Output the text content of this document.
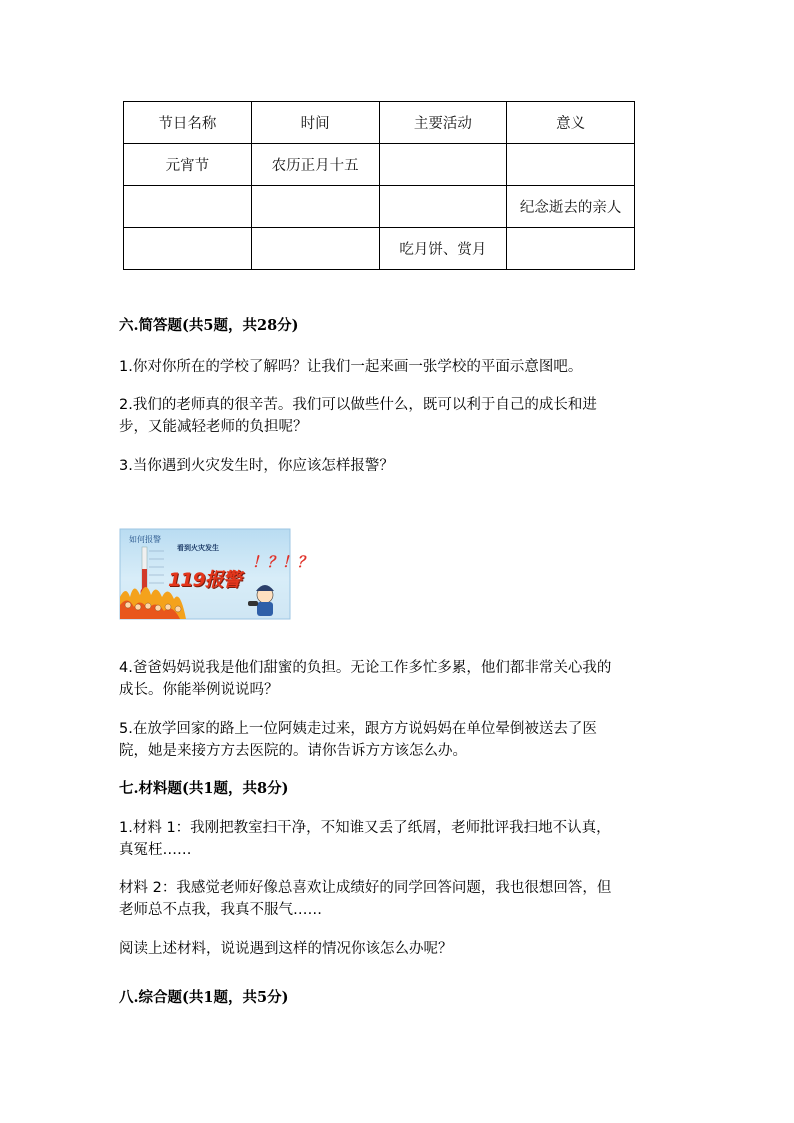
节日名称	时间	主要活动	意义
元宵节	农历正月十五		
			纪念逝去的亲人
		吃月饼、赏月	
六.简答题(共5题，共28分)
1.你对你所在的学校了解吗？让我们一起来画一张学校的平面示意图吧。
2.我们的老师真的很辛苦。我们可以做些什么，既可以利于自己的成长和进
步，又能减轻老师的负担呢？
3.当你遇到火灾发生时，你应该怎样报警？
如何报警
看到火灾发生
119报警
！？！？
4.爸爸妈妈说我是他们甜蜜的负担。无论工作多忙多累，他们都非常关心我的
成长。你能举例说说吗？
5.在放学回家的路上一位阿姨走过来，跟方方说妈妈在单位晕倒被送去了医
院，她是来接方方去医院的。请你告诉方方该怎么办。
七.材料题(共1题，共8分)
1.材料 1：我刚把教室扫干净，不知谁又丢了纸屑，老师批评我扫地不认真，
真冤枉……
材料 2：我感觉老师好像总喜欢让成绩好的同学回答问题，我也很想回答，但
老师总不点我，我真不服气……
阅读上述材料，说说遇到这样的情况你该怎么办呢？
八.综合题(共1题，共5分)
